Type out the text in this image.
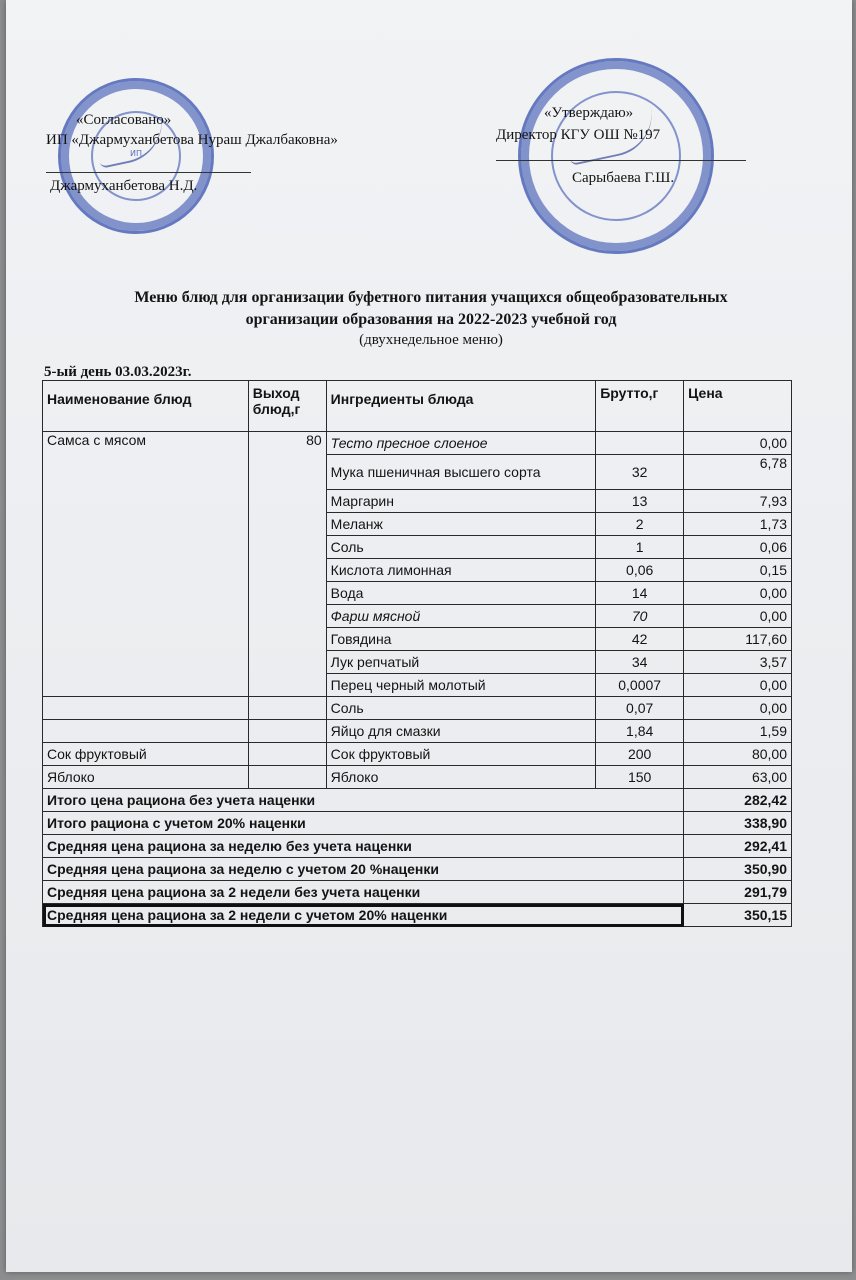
ИП
«Согласовано»
ИП «Джармуханбетова Нураш Джалбаковна»
Джармуханбетова Н.Д.
«Утверждаю»
Директор КГУ ОШ №197
Сарыбаева Г.Ш.
Меню блюд для организации буфетного питания учащихся общеобразовательных
организации образования на 2022-2023 учебной год
(двухнедельное меню)
5-ый день 03.03.2023г.
Наименование блюд	Выход блюд,г	Ингредиенты блюда	Брутто,г	Цена
Самса с мясом	80	Тесто пресное слоеное		0,00
		Мука пшеничная высшего сорта	32	6,78
		Маргарин	13	7,93
		Меланж	2	1,73
		Соль	1	0,06
		Кислота лимонная	0,06	0,15
		Вода	14	0,00
		Фарш мясной	70	0,00
		Говядина	42	117,60
		Лук репчатый	34	3,57
		Перец черный молотый	0,0007	0,00
		Соль	0,07	0,00
		Яйцо для смазки	1,84	1,59
Сок фруктовый		Сок фруктовый	200	80,00
Яблоко		Яблоко	150	63,00
Итого цена рациона без учета наценки				282,42
Итого рациона с учетом 20% наценки				338,90
Средняя цена рациона за неделю без учета наценки				292,41
Средняя цена рациона за неделю с учетом 20 %наценки				350,90
Средняя цена рациона за 2 недели без учета наценки				291,79
Средняя цена рациона за 2 недели с учетом 20% наценки				350,15
